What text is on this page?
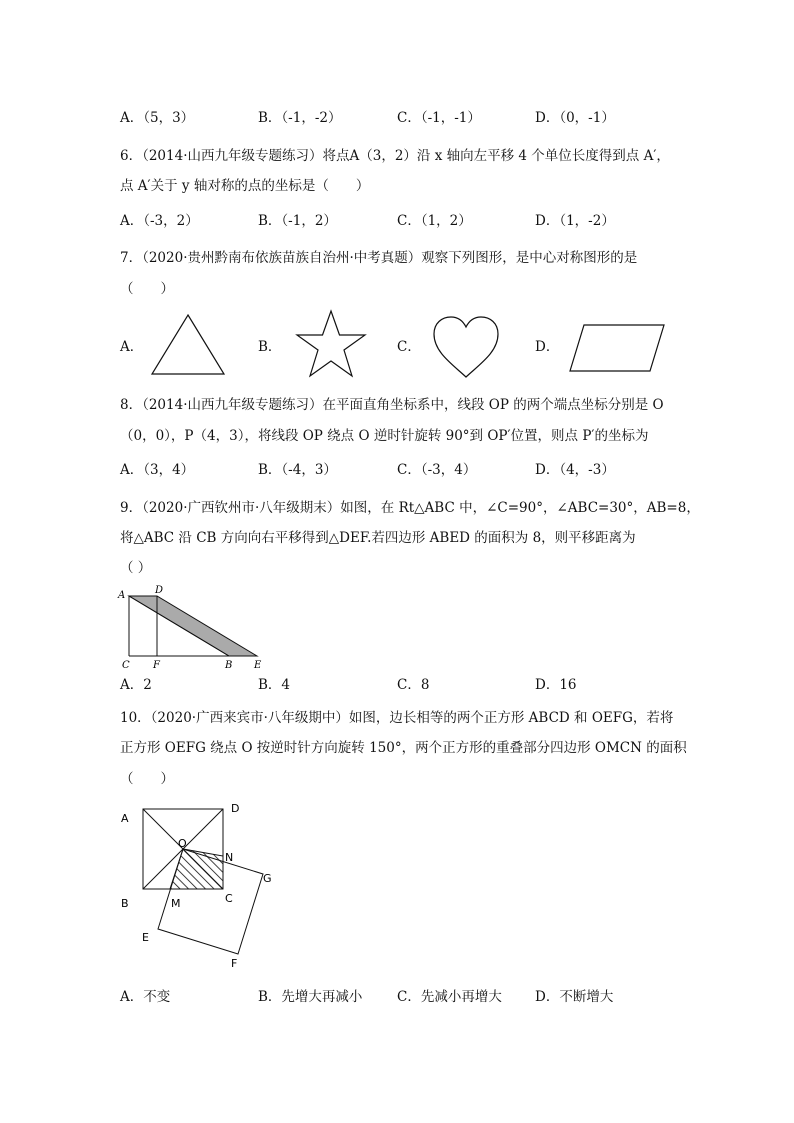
A．（5，3）	B．（-1，-2）	C．（-1，-1）	D．（0，-1）
6．（2014·山西九年级专题练习）将点A（3，2）沿 x 轴向左平移 4 个单位长度得到点 A′，
点 A′关于 y 轴对称的点的坐标是（　　）
A．（-3，2）	B．（-1，2）	C．（1，2）	D．（1，-2）
7．（2020·贵州黔南布依族苗族自治州·中考真题）观察下列图形，是中心对称图形的是
（　　）
A．	B．	C．	D．
8．（2014·山西九年级专题练习）在平面直角坐标系中，线段 OP 的两个端点坐标分别是 O
（0，0），P（4，3），将线段 OP 绕点 O 逆时针旋转 90°到 OP′位置，则点 P′的坐标为
A．（3，4）	B．（-4，3）	C．（-3，4）	D．（4，-3）
9．（2020·广西钦州市·八年级期末）如图，在 Rt△ABC 中，∠C=90°，∠ABC=30°，AB=8，
将△ABC 沿 CB 方向向右平移得到△DEF.若四边形 ABED 的面积为 8，则平移距离为
（ ）
A	D
C F	B E
A．2	B．4	C．8	D．16
10．（2020·广西来宾市·八年级期中）如图，边长相等的两个正方形 ABCD 和 OEFG，若将
正方形 OEFG 绕点 O 按逆时针方向旋转 150°，两个正方形的重叠部分四边形 OMCN 的面积
（　　）
A
D
O
N
G
B	M	C
E
F
A．不变	B．先增大再减小	C．先减小再增大 D．不断增大
